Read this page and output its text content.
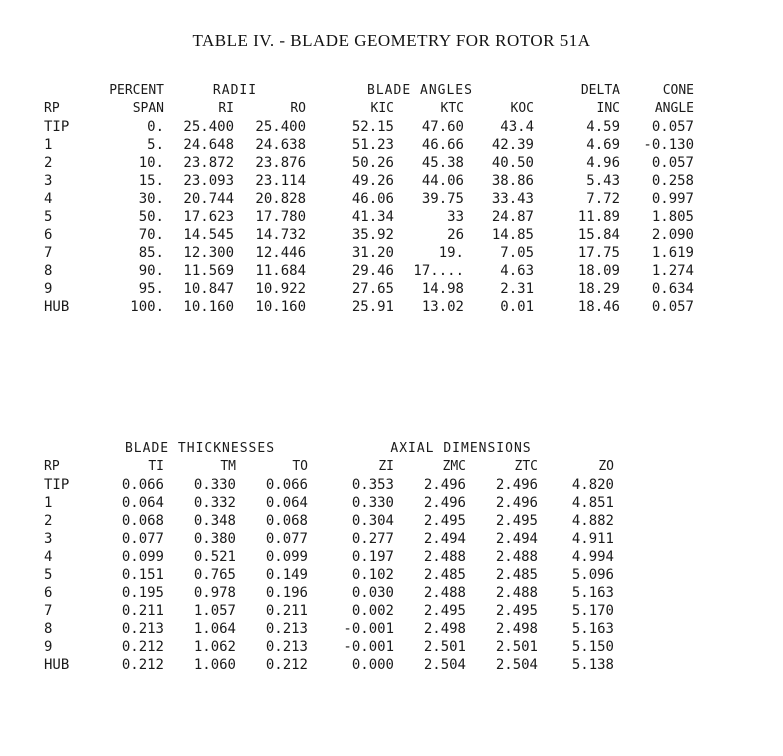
TABLE IV. - BLADE GEOMETRY FOR ROTOR 51A
	PERCENT	RADII		BLADE ANGLES			DELTA	CONE
RP	SPAN	RI	RO	KIC	KTC	KOC	INC	ANGLE
TIP	0.	25.400	25.400	52.15	47.60	43.4	4.59	0.057
1	5.	24.648	24.638	51.23	46.66	42.39	4.69	-0.130
2	10.	23.872	23.876	50.26	45.38	40.50	4.96	0.057
3	15.	23.093	23.114	49.26	44.06	38.86	5.43	0.258
4	30.	20.744	20.828	46.06	39.75	33.43	7.72	0.997
5	50.	17.623	17.780	41.34	33	24.87	11.89	1.805
6	70.	14.545	14.732	35.92	26	14.85	15.84	2.090
7	85.	12.300	12.446	31.20	19.	7.05	17.75	1.619
8	90.	11.569	11.684	29.46	17....	4.63	18.09	1.274
9	95.	10.847	10.922	27.65	14.98	2.31	18.29	0.634
HUB	100.	10.160	10.160	25.91	13.02	0.01	18.46	0.057
	BLADE THICKNESSES			AXIAL DIMENSIONS			
RP	TI	TM	TO	ZI	ZMC	ZTC	ZO
TIP	0.066	0.330	0.066	0.353	2.496	2.496	4.820
1	0.064	0.332	0.064	0.330	2.496	2.496	4.851
2	0.068	0.348	0.068	0.304	2.495	2.495	4.882
3	0.077	0.380	0.077	0.277	2.494	2.494	4.911
4	0.099	0.521	0.099	0.197	2.488	2.488	4.994
5	0.151	0.765	0.149	0.102	2.485	2.485	5.096
6	0.195	0.978	0.196	0.030	2.488	2.488	5.163
7	0.211	1.057	0.211	0.002	2.495	2.495	5.170
8	0.213	1.064	0.213	-0.001	2.498	2.498	5.163
9	0.212	1.062	0.213	-0.001	2.501	2.501	5.150
HUB	0.212	1.060	0.212	0.000	2.504	2.504	5.138
